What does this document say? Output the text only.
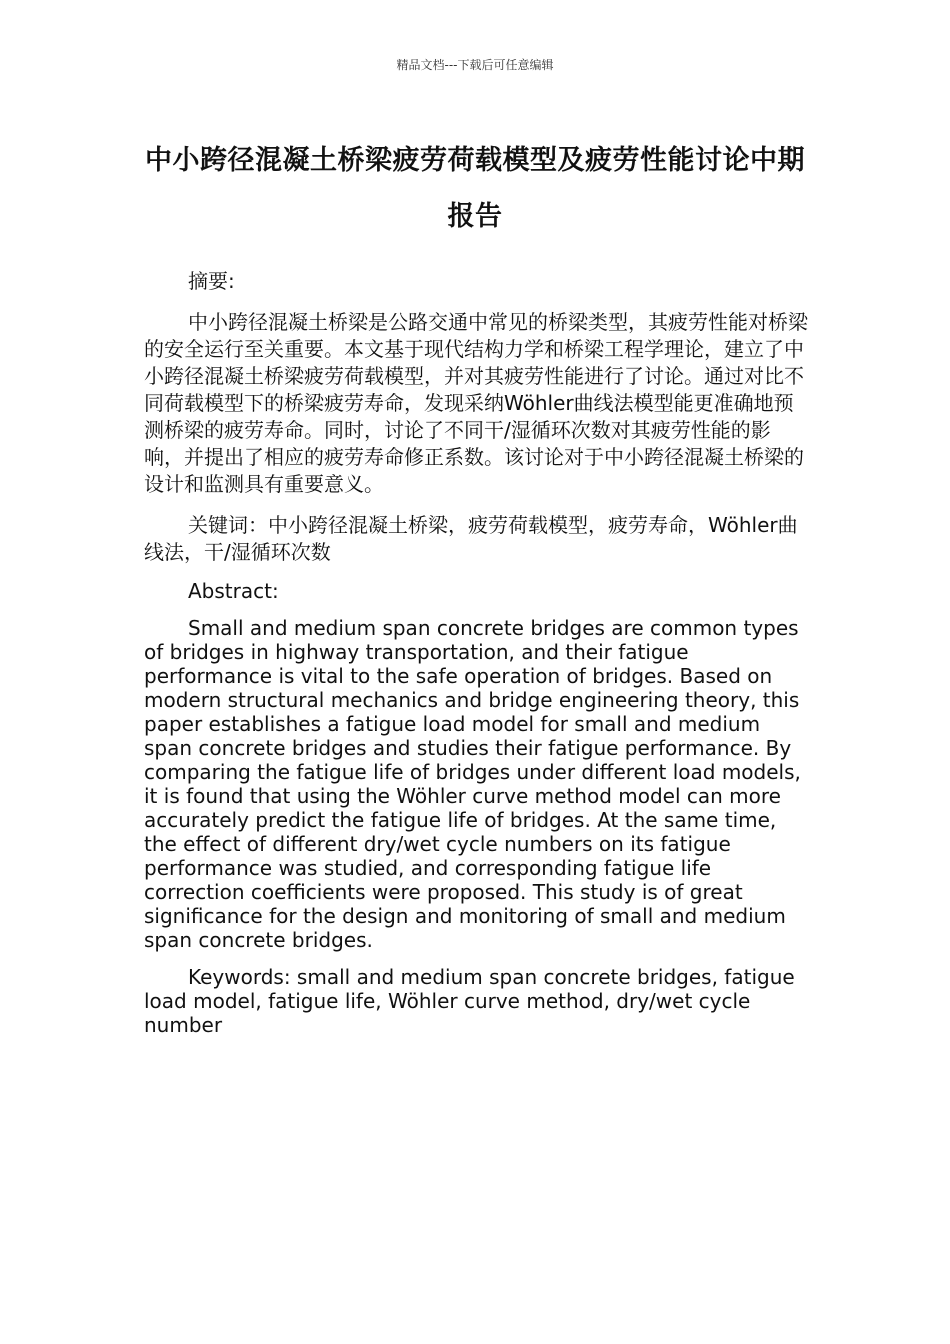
精品文档---下载后可任意编辑
中小跨径混凝土桥梁疲劳荷载模型及疲劳性能讨论中期报告

摘要:

中小跨径混凝土桥梁是公路交通中常见的桥梁类型，其疲劳性能对桥梁的安全运行至关重要。本文基于现代结构力学和桥梁工程学理论，建立了中小跨径混凝土桥梁疲劳荷载模型，并对其疲劳性能进行了讨论。通过对比不同荷载模型下的桥梁疲劳寿命，发现采纳Wöhler曲线法模型能更准确地预测桥梁的疲劳寿命。同时，讨论了不同干/湿循环次数对其疲劳性能的影响，并提出了相应的疲劳寿命修正系数。该讨论对于中小跨径混凝土桥梁的设计和监测具有重要意义。

关键词：中小跨径混凝土桥梁，疲劳荷载模型，疲劳寿命，Wöhler曲线法，干/湿循环次数

Abstract:

Small and medium span concrete bridges are common types of bridges in highway transportation, and their fatigue performance is vital to the safe operation of bridges. Based on modern structural mechanics and bridge engineering theory, this paper establishes a fatigue load model for small and medium span concrete bridges and studies their fatigue performance. By comparing the fatigue life of bridges under different load models, it is found that using the Wöhler curve method model can more accurately predict the fatigue life of bridges. At the same time, the effect of different dry/wet cycle numbers on its fatigue performance was studied, and corresponding fatigue life correction coefficients were proposed. This study is of great significance for the design and monitoring of small and medium span concrete bridges.

Keywords: small and medium span concrete bridges, fatigue load model, fatigue life, Wöhler curve method, dry/wet cycle number
